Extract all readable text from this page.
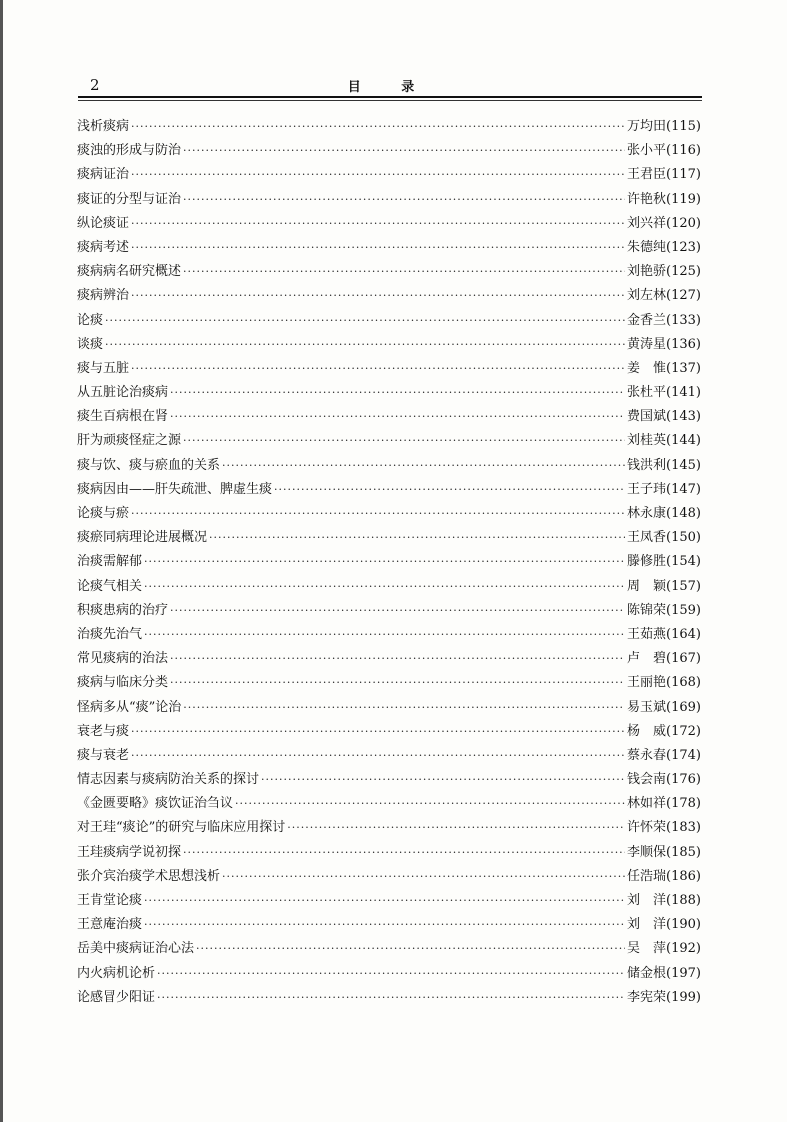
2	目 录
浅析痰病 ·····	万均田 (115)
痰浊的形成与防治 ·····	张小平 (116)
痰病证治 ·····	王君臣 (117)
痰证的分型与证治 ·····	许艳秋 (119)
纵论痰证 ·····	刘兴祥 (120)
痰病考述 ·····	朱德纯 (123)
痰病病名研究概述 ·····	刘艳骄 (125)
痰病辨治 ·····	刘左林 (127)
论痰 ·····	金香兰 (133)
谈痰 ·····	黄涛星 (136)
痰与五脏 ·····	姜　惟 (137)
从五脏论治痰病 ·····	张杜平 (141)
痰生百病根在肾 ·····	费国斌 (143)
肝为顽痰怪症之源 ·····	刘桂英 (144)
痰与饮、痰与瘀血的关系 ·····	钱洪利 (145)
痰病因由——肝失疏泄、脾虚生痰 ·····	王子玮 (147)
论痰与瘀 ·····	林永康 (148)
痰瘀同病理论进展概况 ·····	王凤香 (150)
治痰需解郁 ·····	滕修胜 (154)
论痰气相关 ·····	周　颖 (157)
积痰患病的治疗 ·····	陈锦荣 (159)
治痰先治气 ·····	王茹燕 (164)
常见痰病的治法 ·····	卢　碧 (167)
痰病与临床分类 ·····	王丽艳 (168)
怪病多从“痰”论治 ·····	易玉斌 (169)
衰老与痰 ·····	杨　威 (172)
痰与衰老 ·····	蔡永春 (174)
情志因素与痰病防治关系的探讨 ·····	钱会南 (176)
《金匮要略》痰饮证治刍议 ·····	林如祥 (178)
对王珪“痰论”的研究与临床应用探讨 ·····	许怀荣 (183)
王珪痰病学说初探 ·····	李顺保 (185)
张介宾治痰学术思想浅析 ·····	任浩瑞 (186)
王肯堂论痰 ·····	刘　洋 (188)
王意庵治痰 ·····	刘　洋 (190)
岳美中痰病证治心法 ·····	吴　萍 (192)
内火病机论析 ·····	储金根 (197)
论感冒少阳证 ·····	李宪荣 (199)
